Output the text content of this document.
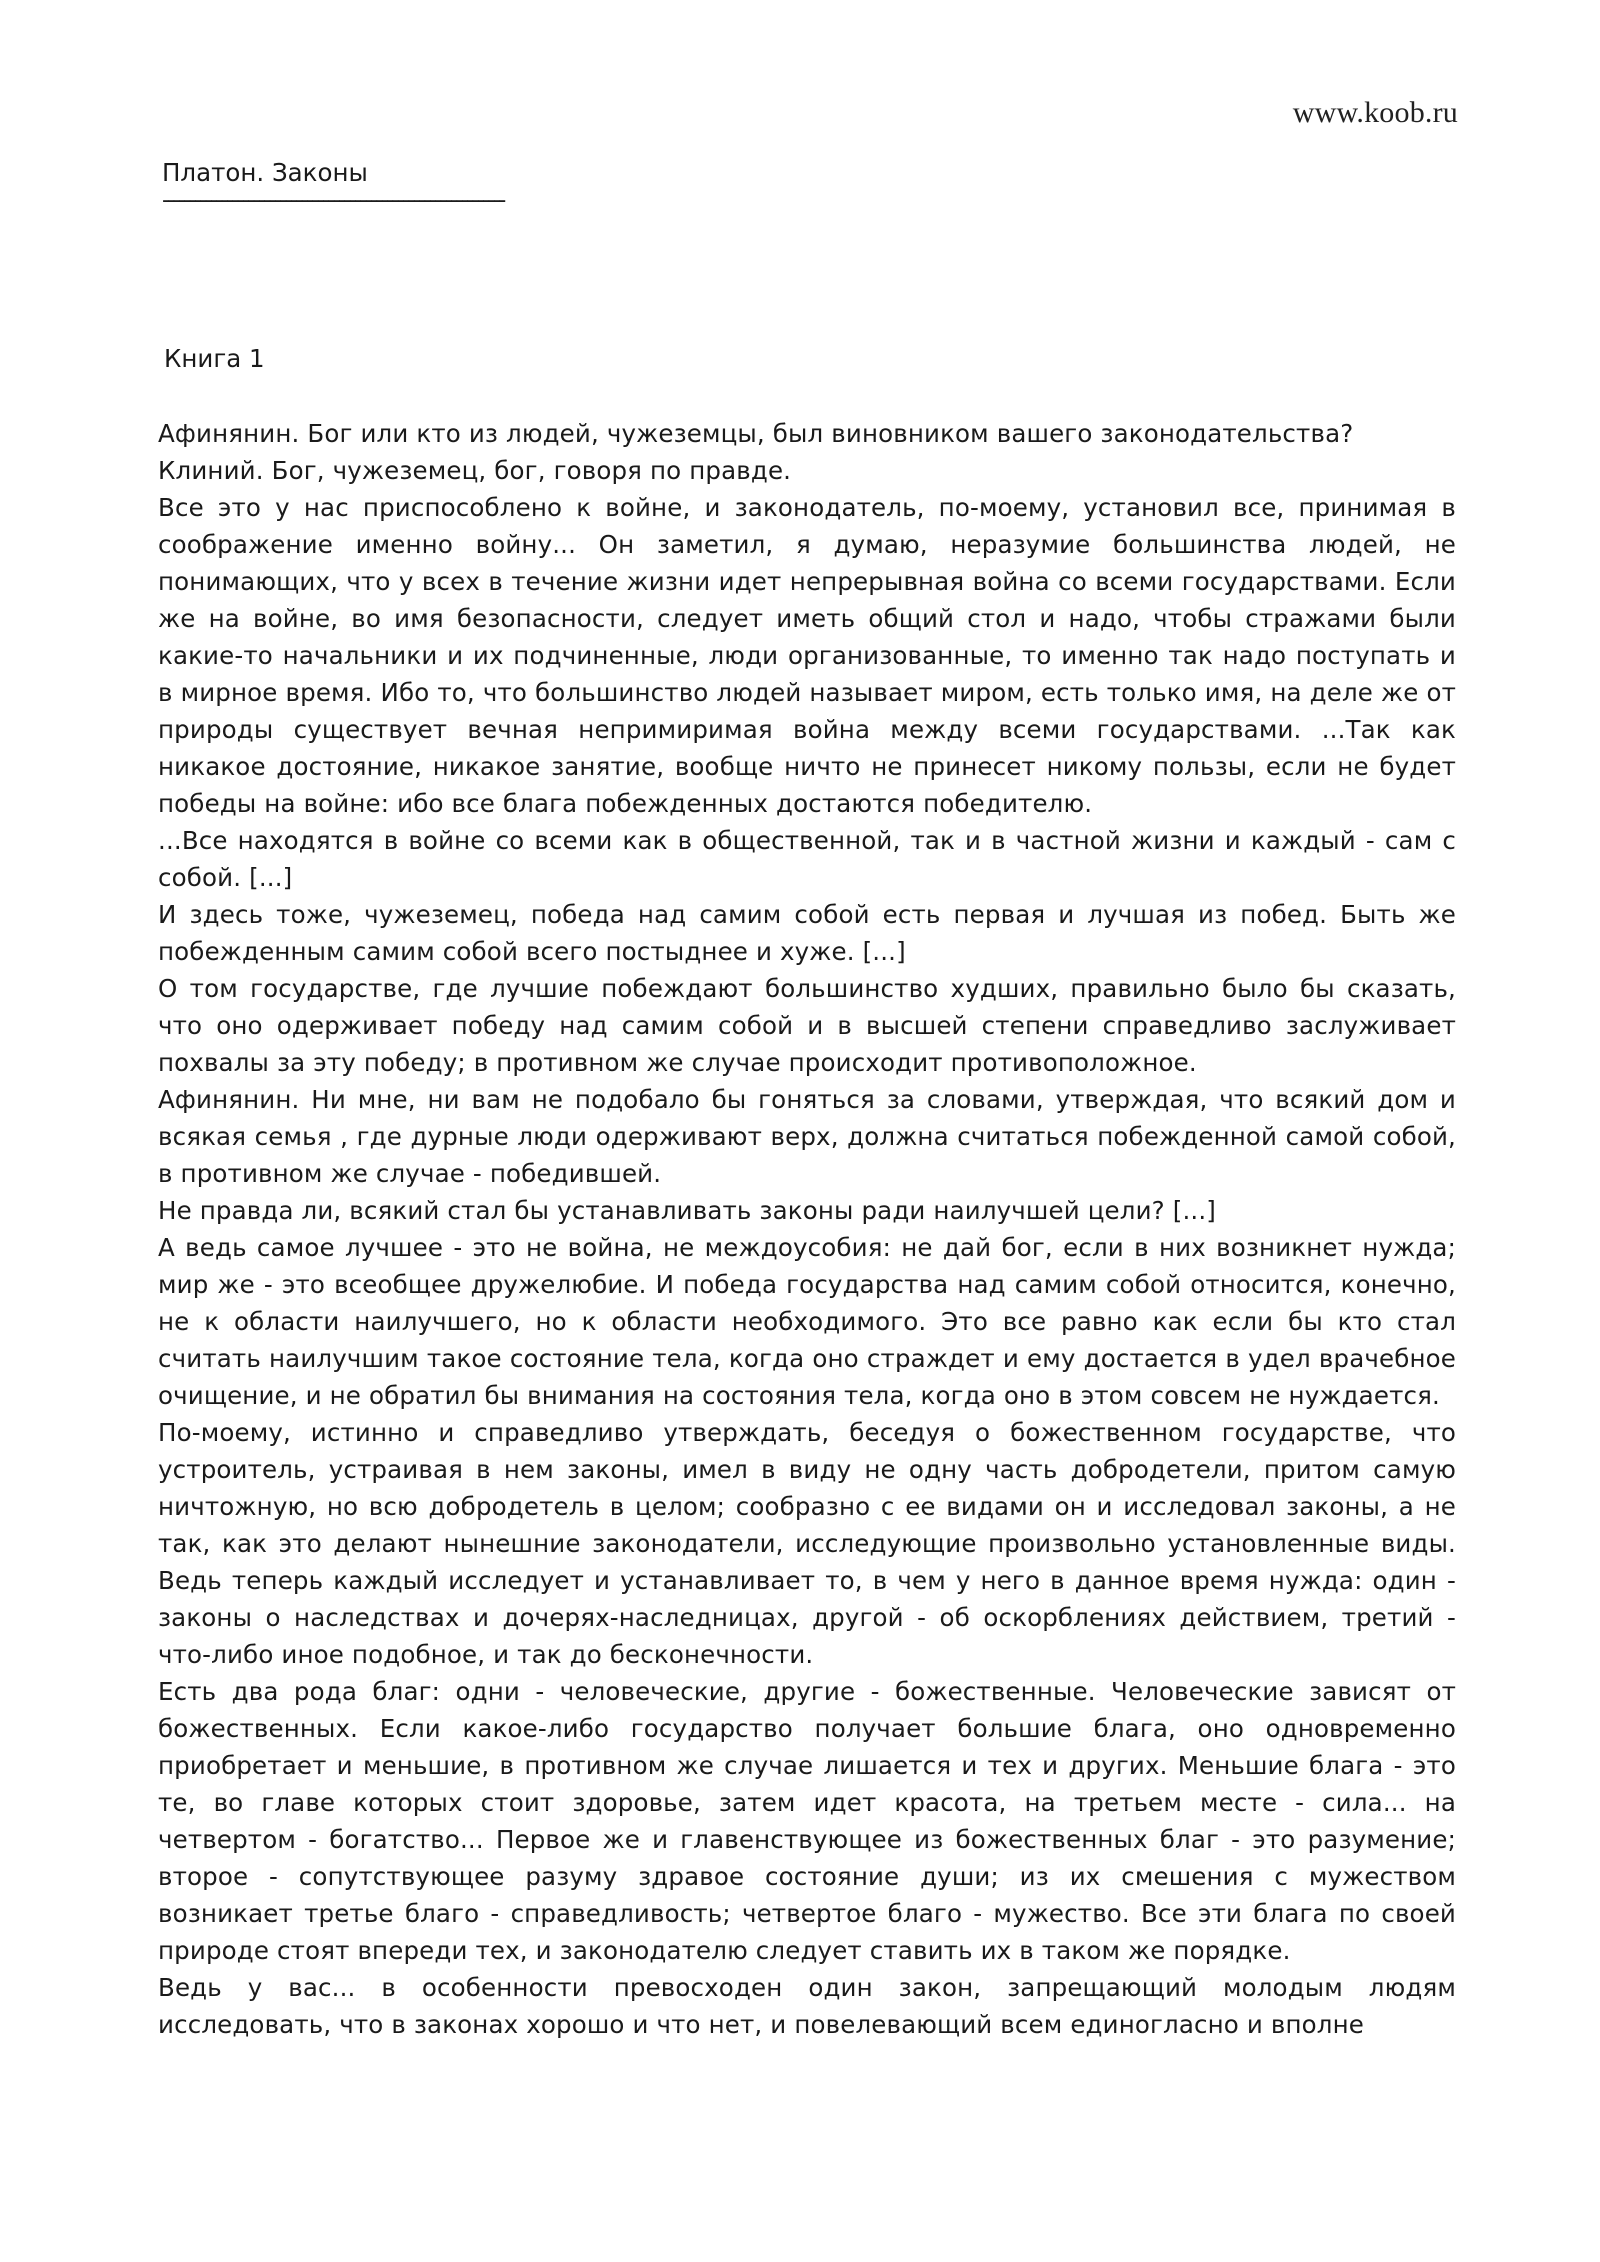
www.koob.ru

Платон. Законы

----------------------------------------------------------------

Книга 1

Афинянин. Бог или кто из людей, чужеземцы, был виновником вашего законодательства?

Клиний. Бог, чужеземец, бог, говоря по правде.

Все это у нас приспособлено к войне, и законодатель, по-моему, установил все, принимая в соображение именно войну... Он заметил, я думаю, неразумие большинства людей, не понимающих, что у всех в течение жизни идет непрерывная война со всеми государствами. Если же на войне, во имя безопасности, следует иметь общий стол и надо, чтобы стражами были какие-то начальники и их подчиненные, люди организованные, то именно так надо поступать и в мирное время. Ибо то, что большинство людей называет миром, есть только имя, на деле же от природы существует вечная непримиримая война между всеми государствами. ...Так как никакое достояние, никакое занятие, вообще ничто не принесет никому пользы, если не будет победы на войне: ибо все блага побежденных достаются победителю.

...Все находятся в войне со всеми как в общественной, так и в частной жизни и каждый - сам с собой. [...]

И здесь тоже, чужеземец, победа над самим собой есть первая и лучшая из побед. Быть же побежденным самим собой всего постыднее и хуже. [...]

О том государстве, где лучшие побеждают большинство худших, правильно было бы сказать, что оно одерживает победу над самим собой и в высшей степени справедливо заслуживает похвалы за эту победу; в противном же случае происходит противоположное.

Афинянин. Ни мне, ни вам не подобало бы гоняться за словами, утверждая, что всякий дом и всякая семья , где дурные люди одерживают верх, должна считаться побежденной самой собой, в противном же случае - победившей.

Не правда ли, всякий стал бы устанавливать законы ради наилучшей цели? [...]

А ведь самое лучшее - это не война, не междоусобия: не дай бог, если в них возникнет нужда; мир же - это всеобщее дружелюбие. И победа государства над самим собой относится, конечно, не к области наилучшего, но к области необходимого. Это все равно как если бы кто стал считать наилучшим такое состояние тела, когда оно страждет и ему достается в удел врачебное очищение, и не обратил бы внимания на состояния тела, когда оно в этом совсем не нуждается.

По-моему, истинно и справедливо утверждать, беседуя о божественном государстве, что устроитель, устраивая в нем законы, имел в виду не одну часть добродетели, притом самую ничтожную, но всю добродетель в целом; сообразно с ее видами он и исследовал законы, а не так, как это делают нынешние законодатели, исследующие произвольно установленные виды. Ведь теперь каждый исследует и устанавливает то, в чем у него в данное время нужда: один - законы о наследствах и дочерях-наследницах, другой - об оскорблениях действием, третий - что-либо иное подобное, и так до бесконечности.

Есть два рода благ: одни - человеческие, другие - божественные. Человеческие зависят от божественных. Если какое-либо государство получает большие блага, оно одновременно приобретает и меньшие, в противном же случае лишается и тех и других. Меньшие блага - это те, во главе которых стоит здоровье, затем идет красота, на третьем месте - сила... на четвертом - богатство... Первое же и главенствующее из божественных благ - это разумение; второе - сопутствующее разуму здравое состояние души; из их смешения с мужеством возникает третье благо - справедливость; четвертое благо - мужество. Все эти блага по своей природе стоят впереди тех, и законодателю следует ставить их в таком же порядке.

Ведь у вас... в особенности превосходен один закон, запрещающий молодым людям исследовать, что в законах хорошо и что нет, и повелевающий всем единогласно и вполне
